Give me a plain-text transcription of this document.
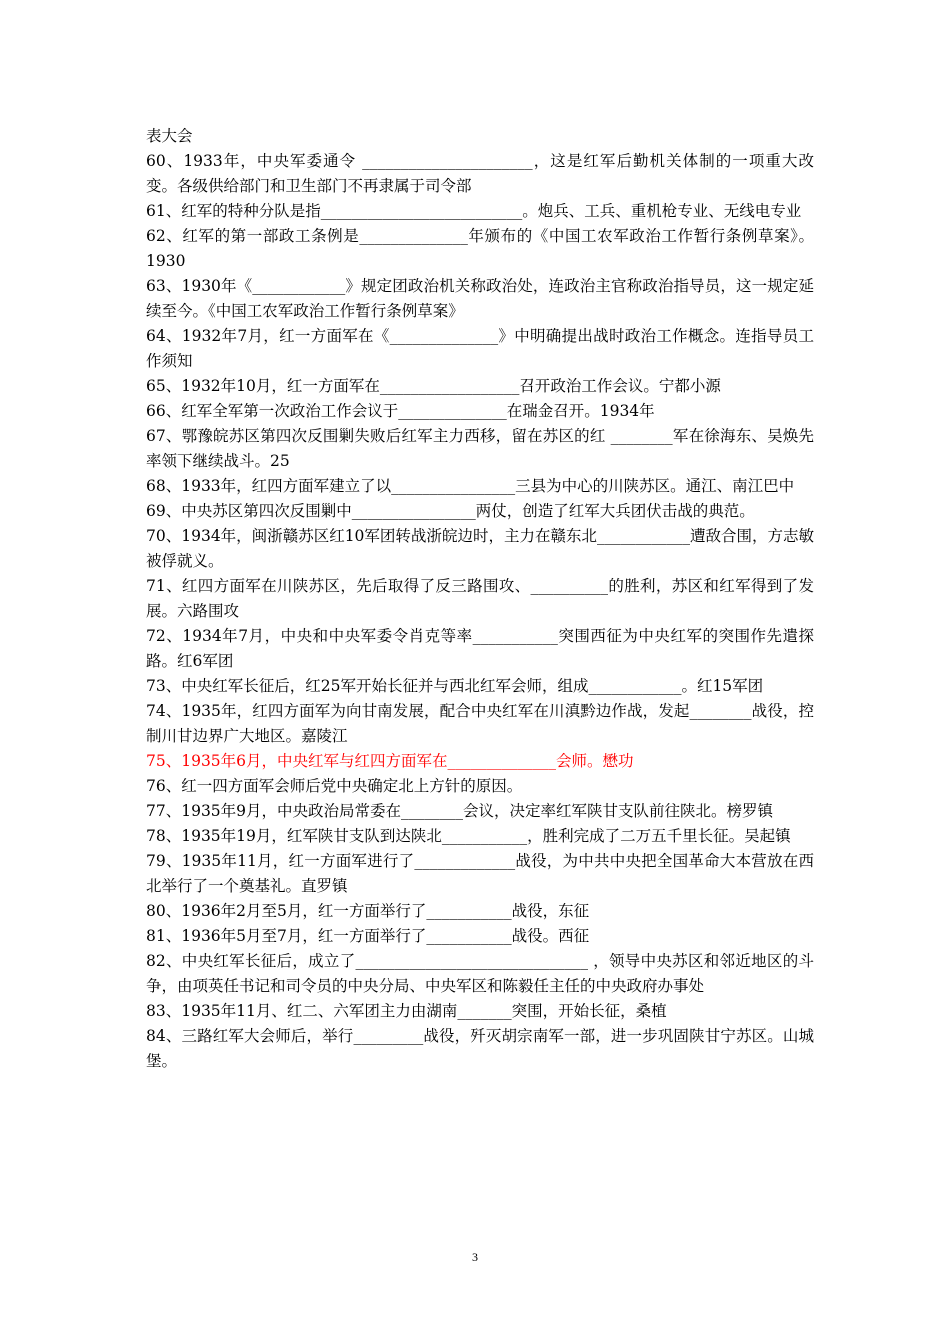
表大会

60、1933年，中央军委通令 ______________________，这是红军后勤机关体制的一项重大改变。各级供给部门和卫生部门不再隶属于司令部

61、红军的特种分队是指__________________________。炮兵、工兵、重机枪专业、无线电专业

62、红军的第一部政工条例是______________年颁布的《中国工农军政治工作暂行条例草案》。1930

63、1930年《____________》规定团政治机关称政治处，连政治主官称政治指导员，这一规定延续至今。《中国工农军政治工作暂行条例草案》

64、1932年7月，红一方面军在《______________》中明确提出战时政治工作概念。连指导员工作须知

65、1932年10月，红一方面军在__________________召开政治工作会议。宁都小源

66、红军全军第一次政治工作会议于______________在瑞金召开。1934年

67、鄂豫皖苏区第四次反围剿失败后红军主力西移，留在苏区的红 ________军在徐海东、吴焕先率领下继续战斗。25

68、1933年，红四方面军建立了以________________三县为中心的川陕苏区。通江、南江巴中

69、中央苏区第四次反围剿中________________两仗，创造了红军大兵团伏击战的典范。

70、1934年，闽浙赣苏区红10军团转战浙皖边时，主力在赣东北____________遭敌合围，方志敏被俘就义。

71、红四方面军在川陕苏区，先后取得了反三路围攻、__________的胜利，苏区和红军得到了发展。六路围攻

72、1934年7月，中央和中央军委令肖克等率___________突围西征为中央红军的突围作先遣探路。红6军团

73、中央红军长征后，红25军开始长征并与西北红军会师，组成____________。红15军团

74、1935年，红四方面军为向甘南发展，配合中央红军在川滇黔边作战，发起________战役，控制川甘边界广大地区。嘉陵江

75、1935年6月，中央红军与红四方面军在______________会师。懋功

76、红一四方面军会师后党中央确定北上方针的原因。

77、1935年9月，中央政治局常委在________会议，决定率红军陕甘支队前往陕北。榜罗镇

78、1935年19月，红军陕甘支队到达陕北___________，胜利完成了二万五千里长征。吴起镇

79、1935年11月，红一方面军进行了_____________战役，为中共中央把全国革命大本营放在西北举行了一个奠基礼。直罗镇

80、1936年2月至5月，红一方面举行了___________战役，东征

81、1936年5月至7月，红一方面举行了___________战役。西征

82、中央红军长征后，成立了______________________________ ，领导中央苏区和邻近地区的斗争，由项英任书记和司令员的中央分局、中央军区和陈毅任主任的中央政府办事处

83、1935年11月、红二、六军团主力由湖南_______突围，开始长征，桑植

84、三路红军大会师后，举行_________战役，歼灭胡宗南军一部，进一步巩固陕甘宁苏区。山城堡。

3
